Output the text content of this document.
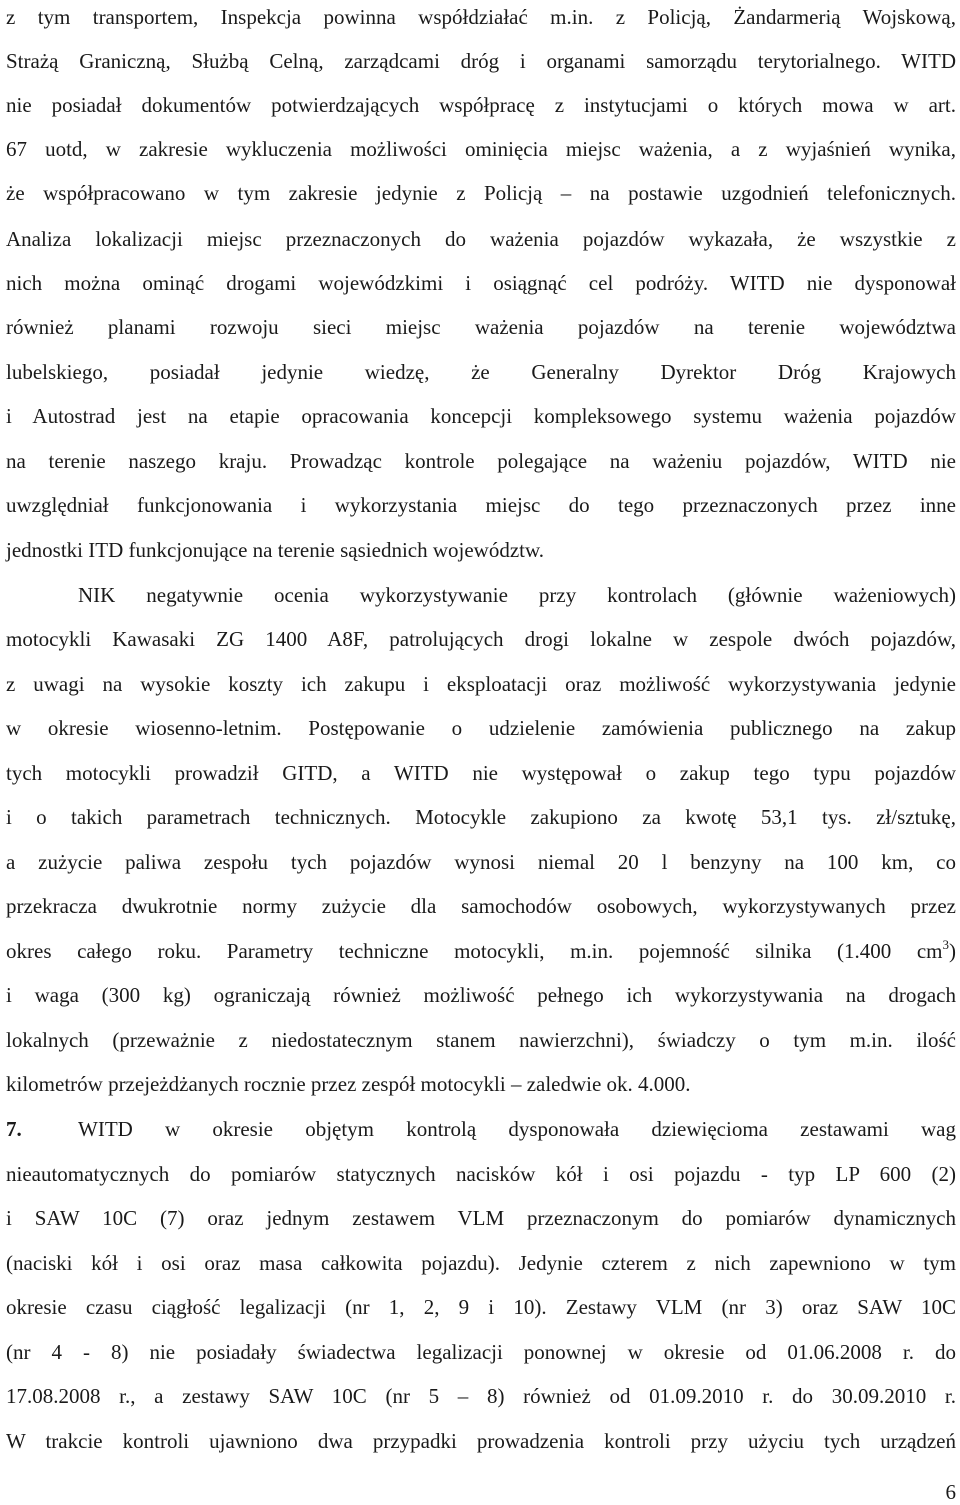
z tym transportem, Inspekcja powinna współdziałać m.in. z Policją, Żandarmerią Wojskową,
Strażą Graniczną, Służbą Celną, zarządcami dróg i organami samorządu terytorialnego. WITD
nie posiadał dokumentów potwierdzających współpracę z instytucjami o których mowa w art.
67 uotd, w zakresie wykluczenia możliwości ominięcia miejsc ważenia, a z wyjaśnień wynika,
że współpracowano w tym zakresie jedynie z Policją – na postawie uzgodnień telefonicznych.
Analiza lokalizacji miejsc przeznaczonych do ważenia pojazdów wykazała, że wszystkie z
nich można ominąć drogami wojewódzkimi i osiągnąć cel podróży. WITD nie dysponował
również planami rozwoju sieci miejsc ważenia pojazdów na terenie województwa
lubelskiego, posiadał jedynie wiedzę, że Generalny Dyrektor Dróg Krajowych
i Autostrad jest na etapie opracowania koncepcji kompleksowego systemu ważenia pojazdów
na terenie naszego kraju. Prowadząc kontrole polegające na ważeniu pojazdów, WITD nie
uwzględniał funkcjonowania i wykorzystania miejsc do tego przeznaczonych przez inne
jednostki ITD funkcjonujące na terenie sąsiednich województw.
NIK negatywnie ocenia wykorzystywanie przy kontrolach (głównie ważeniowych)
motocykli Kawasaki ZG 1400 A8F, patrolujących drogi lokalne w zespole dwóch pojazdów,
z uwagi na wysokie koszty ich zakupu i eksploatacji oraz możliwość wykorzystywania jedynie
w okresie wiosenno-letnim. Postępowanie o udzielenie zamówienia publicznego na zakup
tych motocykli prowadził GITD, a WITD nie występował o zakup tego typu pojazdów
i o takich parametrach technicznych. Motocykle zakupiono za kwotę 53,1 tys. zł/sztukę,
a zużycie paliwa zespołu tych pojazdów wynosi niemal 20 l benzyny na 100 km, co
przekracza dwukrotnie normy zużycie dla samochodów osobowych, wykorzystywanych przez
okres całego roku. Parametry techniczne motocykli, m.in. pojemność silnika (1.400 $cm^3$)
i waga (300 kg) ograniczają również możliwość pełnego ich wykorzystywania na drogach
lokalnych (przeważnie z niedostatecznym stanem nawierzchni), świadczy o tym m.in. ilość
kilometrów przejeżdżanych rocznie przez zespół motocykli – zaledwie ok. 4.000.
7.	WITD w okresie objętym kontrolą dysponowała dziewięcioma zestawami wag
nieautomatycznych do pomiarów statycznych nacisków kół i osi pojazdu - typ LP 600 (2)
i SAW 10C (7) oraz jednym zestawem VLM przeznaczonym do pomiarów dynamicznych
(naciski kół i osi oraz masa całkowita pojazdu). Jedynie czterem z nich zapewniono w tym
okresie czasu ciągłość legalizacji (nr 1, 2, 9 i 10). Zestawy VLM (nr 3) oraz SAW 10C
(nr 4 - 8) nie posiadały świadectwa legalizacji ponownej w okresie od 01.06.2008 r. do
17.08.2008 r., a zestawy SAW 10C (nr 5 – 8) również od 01.09.2010 r. do 30.09.2010 r.
W trakcie kontroli ujawniono dwa przypadki prowadzenia kontroli przy użyciu tych urządzeń
6
